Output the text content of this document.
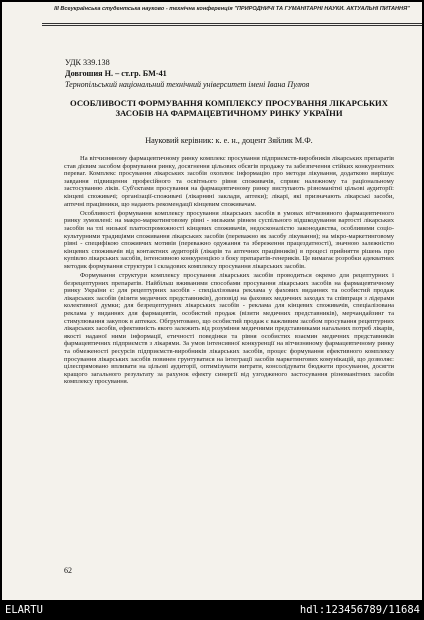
III Всеукраїнська студентська науково - технічна конференція "ПРИРОДНИЧІ ТА ГУМАНІТАРНІ НАУКИ. АКТУАЛЬНІ ПИТАННЯ"
УДК 339.138
Довгошия Н. – ст.гр. БМ-41
Тернопільський національний технічний університет імені Івана Пулюя
ОСОБЛИВОСТІ ФОРМУВАННЯ КОМПЛЕКСУ ПРОСУВАННЯ ЛІКАРСЬКИХ ЗАСОБІВ НА ФАРМАЦЕВТИЧНОМУ РИНКУ УКРАЇНИ
Науковий керівник: к. е. н., доцент Зяйлик М.Ф.

На вітчизняному фармацевтичному ринку комплекс просування підприємств-виробників лікарських препаратів став дієвим засобом формування ринку, досягнення цільових обсягів продажу та забезпечення стійких конкурентних переваг. Комплекс просування лікарських засобів охоплює інформацію про методи лікування, додатково вирішує завдання підвищення професійного та освітнього рівня споживачів, сприяє належному та раціональному застосуванню ліків. Суб'єктами просування на фармацевтичному ринку виступають різноманітні цільові аудиторії: кінцеві споживачі; організації-споживачі (лікарняні заклади, аптеки); лікарі, які призначають лікарські засоби, аптечні працівники, що надають рекомендації кінцевим споживачам.

Особливості формування комплексу просування лікарських засобів в умовах вітчизняного фармацевтичного ринку зумовлені: на макро-маркетинговому рівні - низьким рівнем суспільного відшкодування вартості лікарських засобів на тлі низької платоспроможності кінцевих споживачів, недосконалістю законодавства, особливими соціо-культурними традиціями споживання лікарських засобів (переважно як засобу лікування); на мікро-маркетинговому рівні - специфікою споживчих мотивів (переважно одужання та збереження працездатності), значною залежністю кінцевих споживачів від контактних аудиторій (лікарів та аптечних працівників) в процесі прийняття рішень про купівлю лікарських засобів, інтенсивною конкуренцією з боку препаратів-генериків. Це вимагає розробки адекватних методик формування структури і складових комплексу просування лікарських засобів.

Формування структури комплексу просування лікарських засобів проводиться окремо для рецептурних і безрецептурних препаратів. Найбільш вживаними способами просування лікарських засобів на фармацевтичному ринку України є: для рецептурних засобів - спеціалізована реклама у фахових виданнях та особистий продаж лікарських засобів (візити медичних представників), доповіді на фахових медичних заходах та співпраця з лідерами колективної думки; для безрецептурних лікарських засобів - реклама для кінцевих споживачів, спеціалізована реклама у виданнях для фармацевтів, особистий продаж (візити медичних представників), мерчандайзинг та стимулювання закупок в аптеках. Обгрунтовано, що особистий продаж є важливим засобом просування рецептурних лікарських засобів, ефективність якого залежить від розуміння медичними представниками нагальних потреб лікарів, якості наданої ними інформації, етичності поведінки та рівня особистих взаємин медичних представників фармацевтичних підприємств з лікарями. За умов інтенсивної конкуренції на вітчизняному фармацевтичному ринку та обмеженості ресурсів підприємств-виробників лікарських засобів, процес формування ефективного комплексу просування лікарських засобів повинен грунтуватися на інтеграції засобів маркетингових комунікацій, що дозволяє: цілеспрямовано впливати на цільові аудиторії, оптимізувати витрати, консолідувати бюджети просування, досягти кращого загального результату за рахунок ефекту синергії від узгодженого застосування різноманітних засобів комплексу просування.

62
ELARTU	hdl:123456789/11684
